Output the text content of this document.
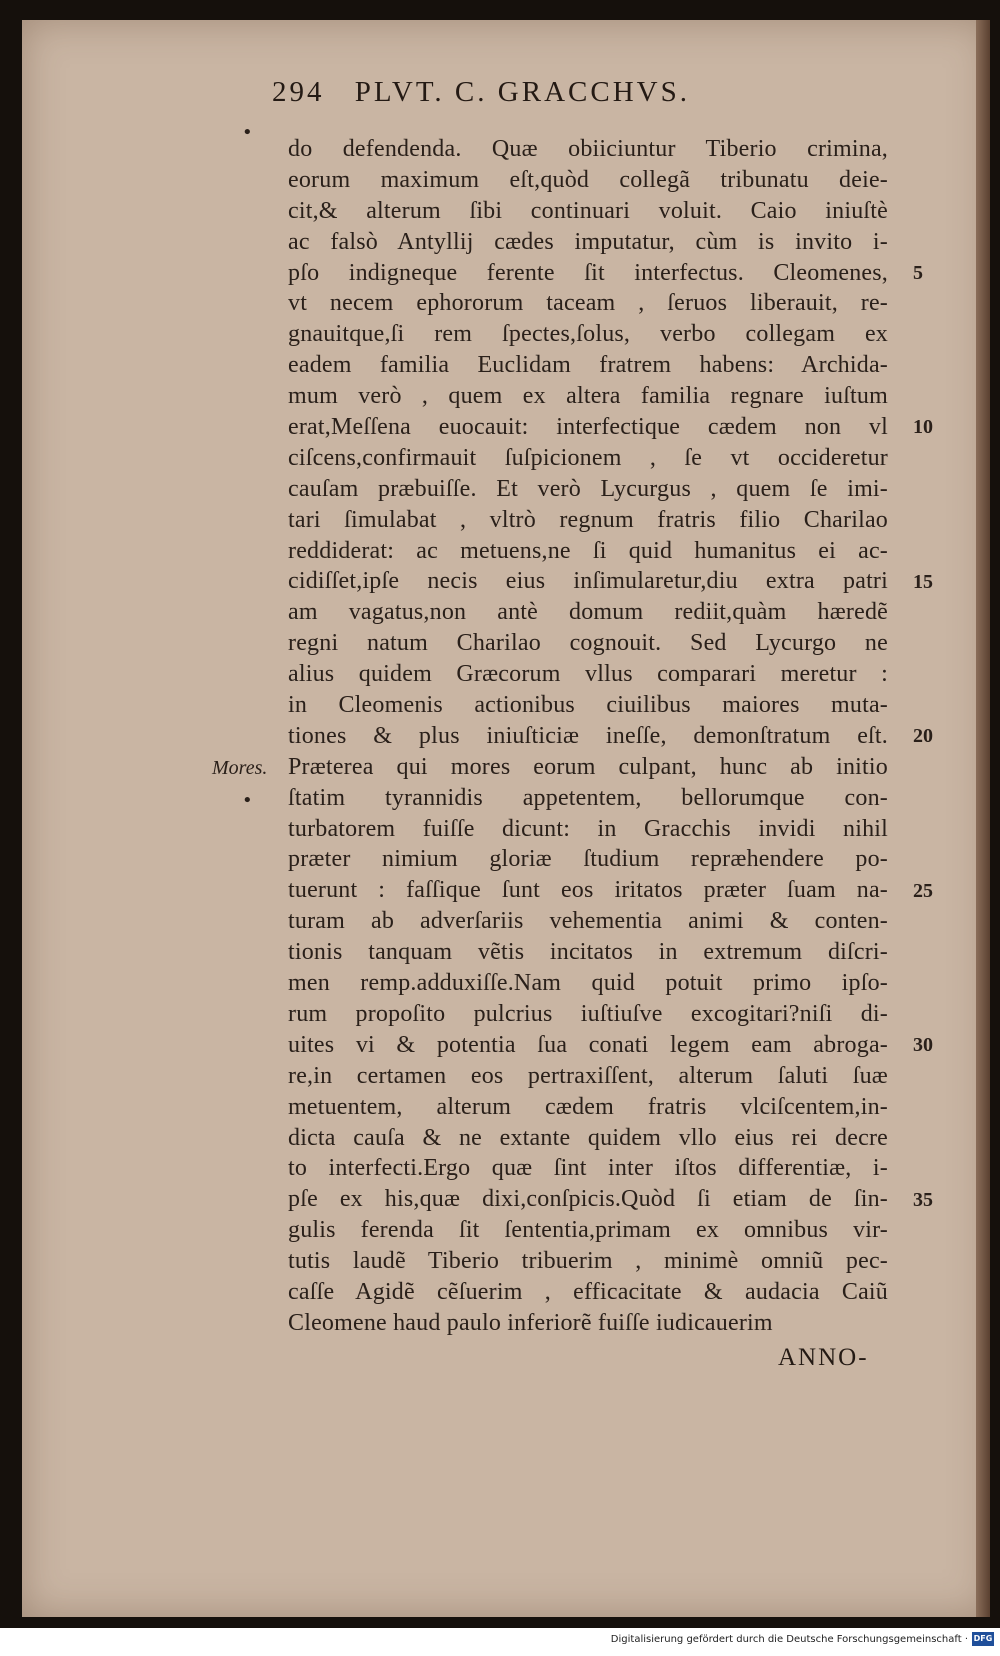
294 PLVT. C. GRACCHVS.
do defendenda. Quæ obiiciuntur Tiberio crimina,
eorum maximum eſt,quòd collegã tribunatu deie-
cit,& alterum ſibi continuari voluit. Caio iniuſtè
ac falsò Antyllij cædes imputatur, cùm is invito i-
pſo indigneque ferente ſit interfectus. Cleomenes,
vt necem ephororum taceam , ſeruos liberauit, re-
gnauitque,ſi rem ſpectes,ſolus, verbo collegam ex
eadem familia Euclidam fratrem habens: Archida-
mum verò , quem ex altera familia regnare iuſtum
erat,Meſſena euocauit: interfectique cædem non vl
ciſcens,confirmauit ſuſpicionem , ſe vt occideretur
cauſam præbuiſſe. Et verò Lycurgus , quem ſe imi-
tari ſimulabat , vltrò regnum fratris filio Charilao
reddiderat: ac metuens,ne ſi quid humanitus ei ac-
cidiſſet,ipſe necis eius inſimularetur,diu extra patri
am vagatus,non antè domum rediit,quàm hæredẽ
regni natum Charilao cognouit. Sed Lycurgo ne
alius quidem Græcorum vllus comparari meretur :
in Cleomenis actionibus ciuilibus maiores muta-
tiones & plus iniuſticiæ ineſſe, demonſtratum eſt.
Præterea qui mores eorum culpant, hunc ab initio
ſtatim tyrannidis appetentem, bellorumque con-
turbatorem fuiſſe dicunt: in Gracchis invidi nihil
præter nimium gloriæ ſtudium repræhendere po-
tuerunt : faſſique ſunt eos iritatos præter ſuam na-
turam ab adverſariis vehementia animi & conten-
tionis tanquam vẽtis incitatos in extremum diſcri-
men remp.adduxiſſe.Nam quid potuit primo ipſo-
rum propoſito pulcrius iuſtiuſve excogitari?niſi di-
uites vi & potentia ſua conati legem eam abroga-
re,in certamen eos pertraxiſſent, alterum ſaluti ſuæ
metuentem, alterum cædem fratris vlciſcentem,in-
dicta cauſa & ne extante quidem vllo eius rei decre
to interfecti.Ergo quæ ſint inter iſtos differentiæ, i-
pſe ex his,quæ dixi,conſpicis.Quòd ſi etiam de ſin-
gulis ferenda ſit ſententia,primam ex omnibus vir-
tutis laudẽ Tiberio tribuerim , minimè omniũ pec-
caſſe Agidẽ cẽſuerim , efficacitate & audacia Caiũ
Cleomene haud paulo inferiorẽ fuiſſe iudicauerim
5
10
15
20
25
30
35
Mores.
•
•
ANNO-
Digitalisierung gefördert durch die Deutsche Forschungsgemeinschaft · DFG
